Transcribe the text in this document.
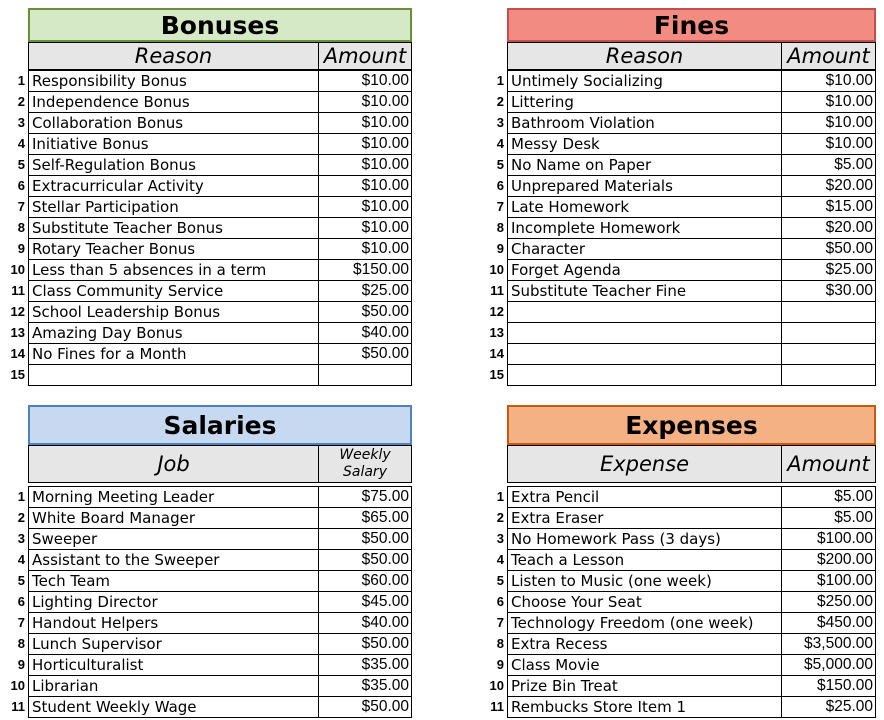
Bonuses
Reason	Amount
1 Responsibility Bonus	$10.00
2 Independence Bonus	$10.00
3 Collaboration Bonus	$10.00
4 Initiative Bonus	$10.00
5 Self-Regulation Bonus	$10.00
6 Extracurricular Activity	$10.00
7 Stellar Participation	$10.00
8 Substitute Teacher Bonus	$10.00
9 Rotary Teacher Bonus	$10.00
10 Less than 5 absences in a term	$150.00
11 Class Community Service	$25.00
12 School Leadership Bonus	$50.00
13 Amazing Day Bonus	$40.00
14 No Fines for a Month	$50.00
15
Fines
Reason	Amount
1 Untimely Socializing	$10.00
2 Littering	$10.00
3 Bathroom Violation	$10.00
4 Messy Desk	$10.00
5 No Name on Paper	$5.00
6 Unprepared Materials	$20.00
7 Late Homework	$15.00
8 Incomplete Homework	$20.00
9 Character	$50.00
10 Forget Agenda	$25.00
11 Substitute Teacher Fine	$30.00
12
13
14
15
Salaries
Job	Weekly
Salary
1 Morning Meeting Leader	$75.00
2 White Board Manager	$65.00
3 Sweeper	$50.00
4 Assistant to the Sweeper	$50.00
5 Tech Team	$60.00
6 Lighting Director	$45.00
7 Handout Helpers	$40.00
8 Lunch Supervisor	$50.00
9 Horticulturalist	$35.00
10 Librarian	$35.00
11 Student Weekly Wage	$50.00
Expenses
Expense	Amount
1 Extra Pencil	$5.00
2 Extra Eraser	$5.00
3 No Homework Pass (3 days)	$100.00
4 Teach a Lesson	$200.00
5 Listen to Music (one week)	$100.00
6 Choose Your Seat	$250.00
7 Technology Freedom (one week)	$450.00
8 Extra Recess	$3,500.00
9 Class Movie	$5,000.00
10 Prize Bin Treat	$150.00
11 Rembucks Store Item 1	$25.00
